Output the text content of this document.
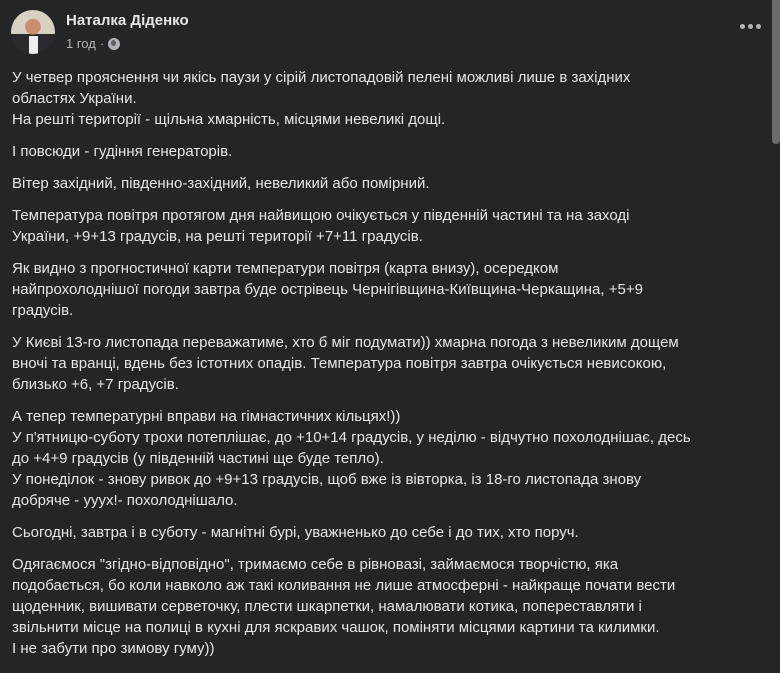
Наталка Діденко
1 год ·

У четвер прояснення чи якісь паузи у сірій листопадовій пелені можливі лише в західних
областях України.
На решті території - щільна хмарність, місцями невеликі дощі.

І повсюди - гудіння генераторів.

Вітер західний, південно-західний, невеликий або помірний.

Температура повітря протягом дня найвищою очікується у південній частині та на заході
України, +9+13 градусів, на решті території +7+11 градусів.

Як видно з прогностичної карти температури повітря (карта внизу), осередком
найпрохолоднішої погоди завтра буде острівець Чернігівщина-Київщина-Черкащина, +5+9
градусів.

У Києві 13-го листопада переважатиме, хто б міг подумати)) хмарна погода з невеликим дощем
вночі та вранці, вдень без істотних опадів. Температура повітря завтра очікується невисокою,
близько +6, +7 градусів.

А тепер температурні вправи на гімнастичних кільцях!))
У п'ятницю-суботу трохи потеплішає, до +10+14 градусів, у неділю - відчутно похолоднішає, десь
до +4+9 градусів (у південній частині ще буде тепло).
У понеділок - знову ривок до +9+13 градусів, щоб вже із вівторка, із 18-го листопада знову
добряче - ууух!- похолоднішало.

Сьогодні, завтра і в суботу - магнітні бурі, уважненько до себе і до тих, хто поруч.

Одягаємося "згідно-відповідно", тримаємо себе в рівновазі, займаємося творчістю, яка
подобається, бо коли навколо аж такі коливання не лише атмосферні - найкраще почати вести
щоденник, вишивати серветочку, плести шкарпетки, намалювати котика, попереставляти і
звільнити місце на полиці в кухні для яскравих чашок, поміняти місцями картини та килимки.
І не забути про зимову гуму))
